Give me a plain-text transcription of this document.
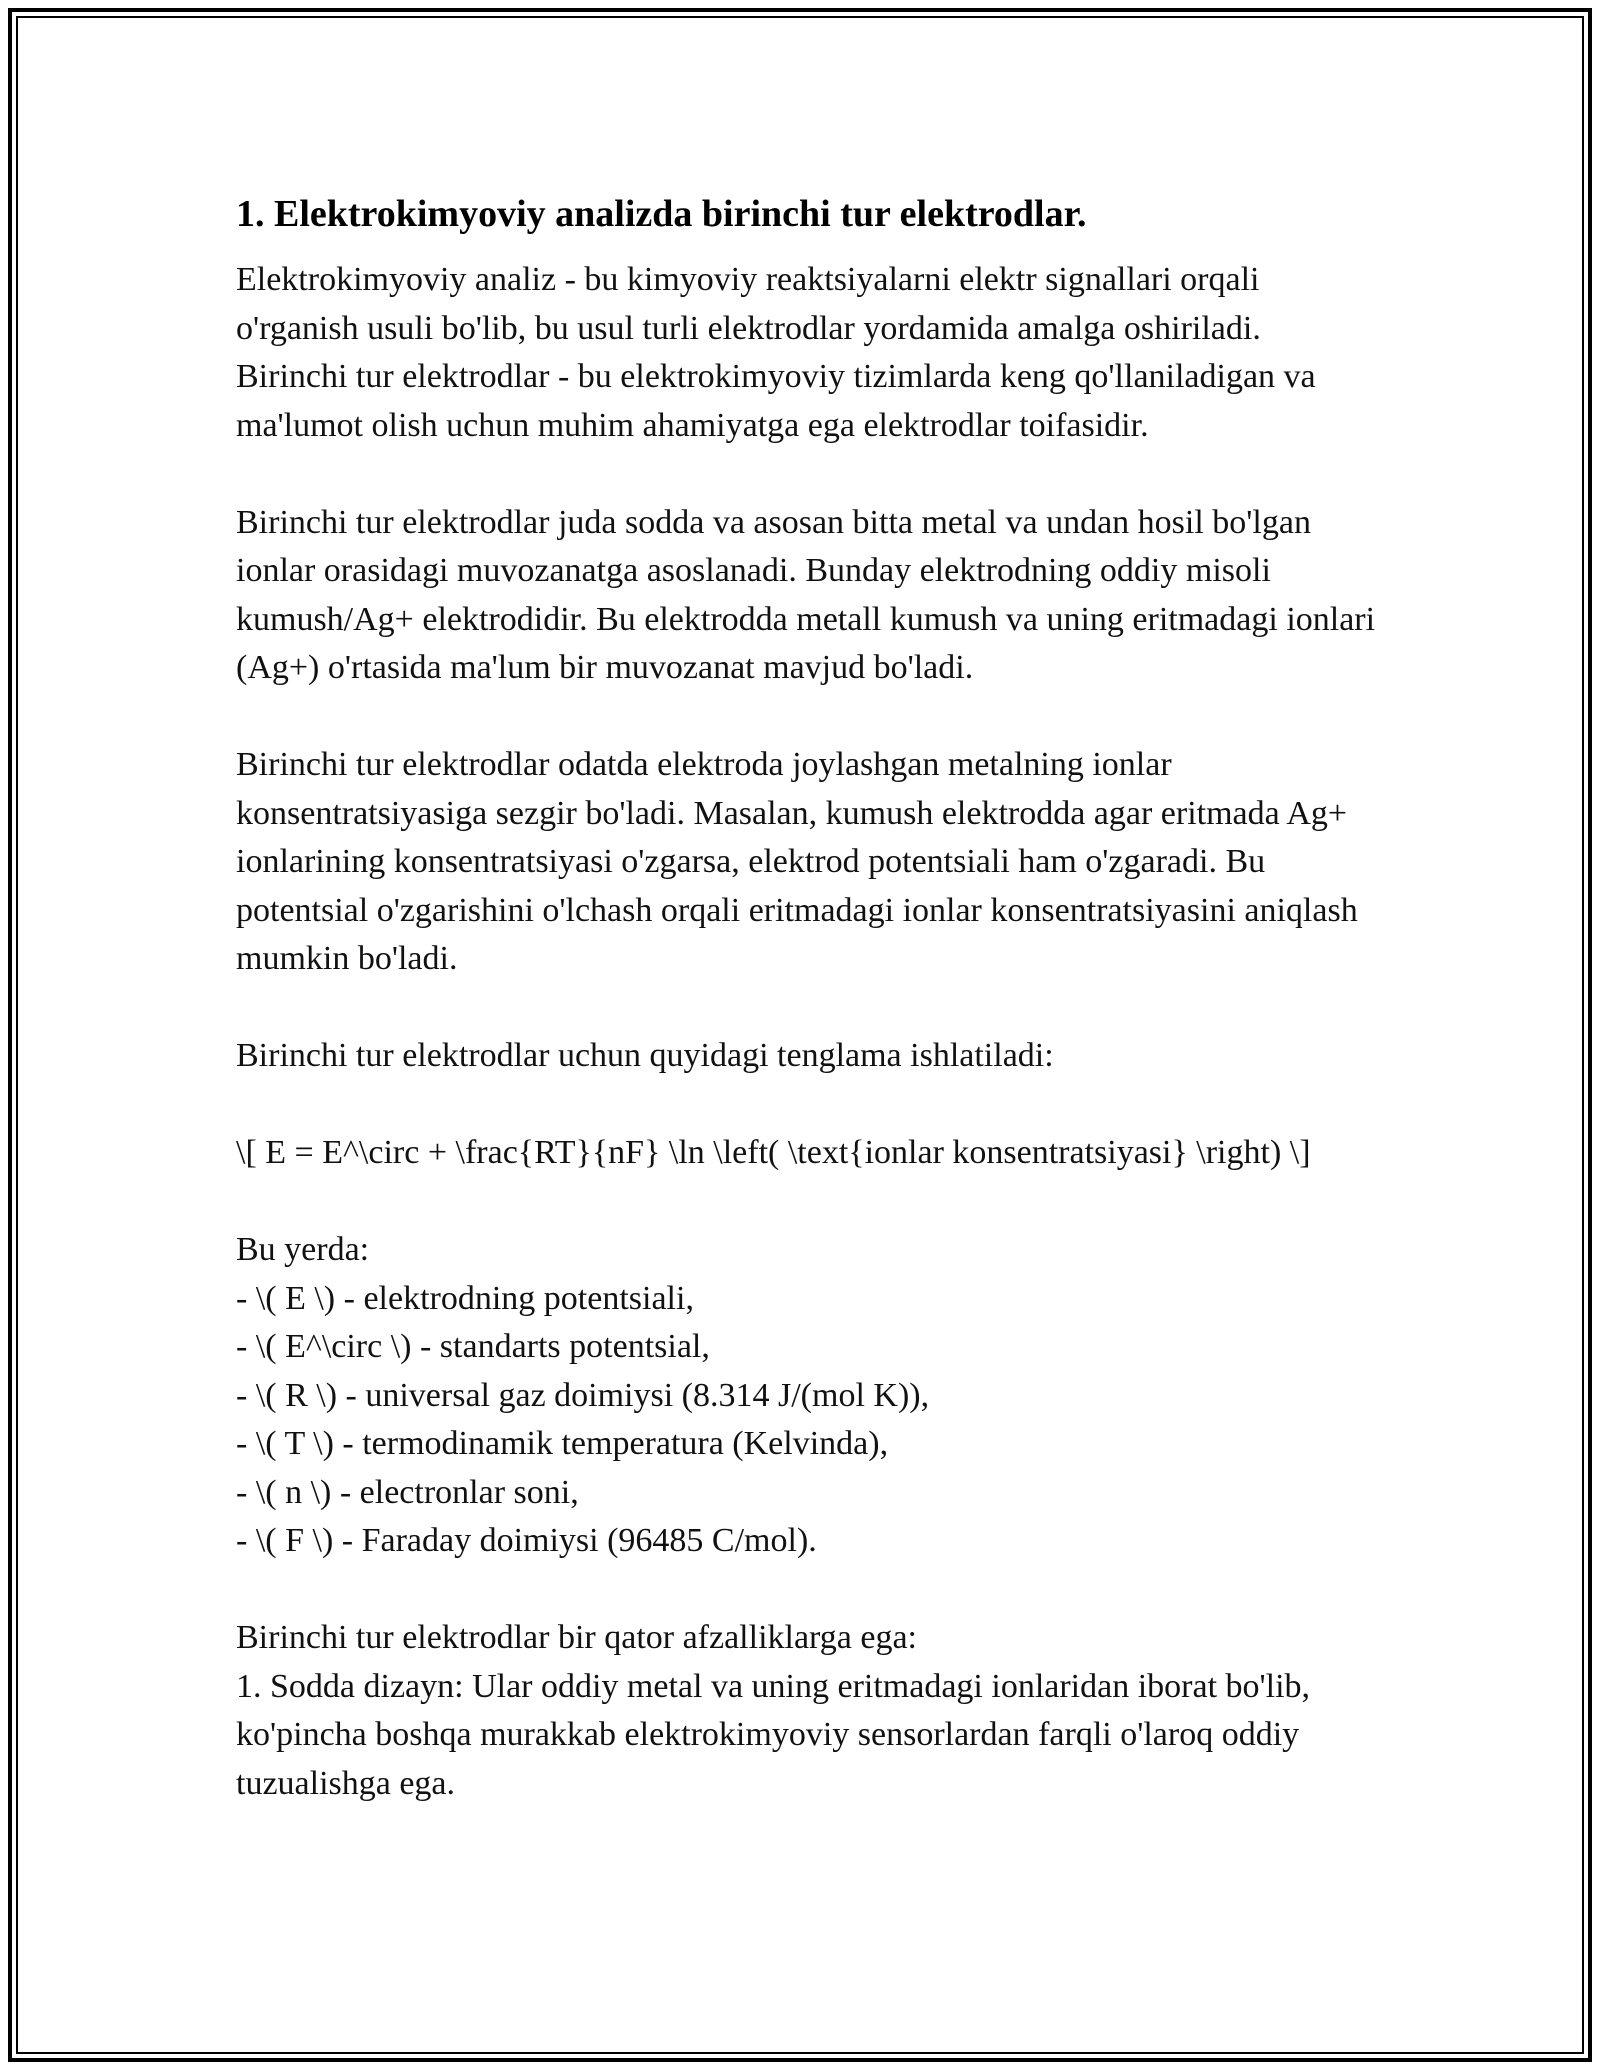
1. Elektrokimyoviy analizda birinchi tur elektrodlar.

Elektrokimyoviy analiz - bu kimyoviy reaktsiyalarni elektr signallari orqali o'rganish usuli bo'lib, bu usul turli elektrodlar yordamida amalga oshiriladi. Birinchi tur elektrodlar - bu elektrokimyoviy tizimlarda keng qo'llaniladigan va ma'lumot olish uchun muhim ahamiyatga ega elektrodlar toifasidir.

Birinchi tur elektrodlar juda sodda va asosan bitta metal va undan hosil bo'lgan ionlar orasidagi muvozanatga asoslanadi. Bunday elektrodning oddiy misoli kumush/Ag+ elektrodidir. Bu elektrodda metall kumush va uning eritmadagi ionlari (Ag+) o'rtasida ma'lum bir muvozanat mavjud bo'ladi.

Birinchi tur elektrodlar odatda elektroda joylashgan metalning ionlar konsentratsiyasiga sezgir bo'ladi. Masalan, kumush elektrodda agar eritmada Ag+ ionlarining konsentratsiyasi o'zgarsa, elektrod potentsiali ham o'zgaradi. Bu potentsial o'zgarishini o'lchash orqali eritmadagi ionlar konsentratsiyasini aniqlash mumkin bo'ladi.

Birinchi tur elektrodlar uchun quyidagi tenglama ishlatiladi:

\[ E = E^\circ + \frac{RT}{nF} \ln \left( \text{ionlar konsentratsiyasi} \right) \]

Bu yerda:
- \( E \) - elektrodning potentsiali,
- \( E^\circ \) - standarts potentsial,
- \( R \) - universal gaz doimiysi (8.314 J/(mol K)),
- \( T \) - termodinamik temperatura (Kelvinda),
- \( n \) - electronlar soni,
- \( F \) - Faraday doimiysi (96485 C/mol).

Birinchi tur elektrodlar bir qator afzalliklarga ega:
1. Sodda dizayn: Ular oddiy metal va uning eritmadagi ionlaridan iborat bo'lib, ko'pincha boshqa murakkab elektrokimyoviy sensorlardan farqli o'laroq oddiy tuzualishga ega.
